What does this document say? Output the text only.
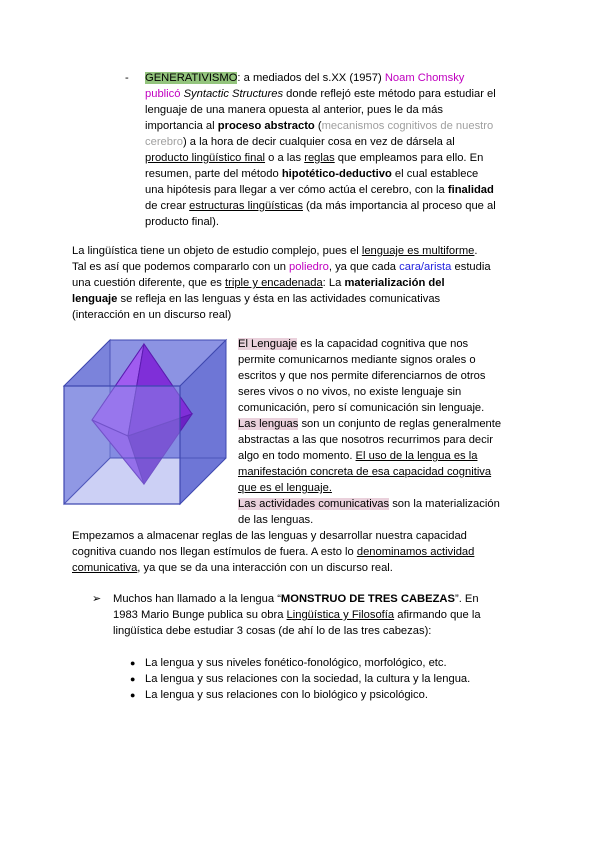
- GENERATIVISMO: a mediados del s.XX (1957) Noam Chomsky
publicó Syntactic Structures donde reflejó este método para estudiar el
lenguaje de una manera opuesta al anterior, pues le da más
importancia al proceso abstracto (mecanismos cognitivos de nuestro
cerebro) a la hora de decir cualquier cosa en vez de dársela al
producto lingüístico final o a las reglas que empleamos para ello. En
resumen, parte del método hipotético-deductivo el cual establece
una hipótesis para llegar a ver cómo actúa el cerebro, con la finalidad
de crear estructuras lingüísticas (da más importancia al proceso que al
producto final).
La lingüística tiene un objeto de estudio complejo, pues el lenguaje es multiforme.
Tal es así que podemos compararlo con un poliedro, ya que cada cara/arista estudia
una cuestión diferente, que es triple y encadenada: La materialización del
lenguaje se refleja en las lenguas y ésta en las actividades comunicativas
(interacción en un discurso real)
El Lenguaje es la capacidad cognitiva que nos
permite comunicarnos mediante signos orales o
escritos y que nos permite diferenciarnos de otros
seres vivos o no vivos, no existe lenguaje sin
comunicación, pero sí comunicación sin lenguaje.
Las lenguas son un conjunto de reglas generalmente
abstractas a las que nosotros recurrimos para decir
algo en todo momento. El uso de la lengua es la
manifestación concreta de esa capacidad cognitiva
que es el lenguaje.
Las actividades comunicativas son la materialización
de las lenguas.
Empezamos a almacenar reglas de las lenguas y desarrollar nuestra capacidad
cognitiva cuando nos llegan estímulos de fuera. A esto lo denominamos actividad
comunicativa, ya que se da una interacción con un discurso real.
➢ Muchos han llamado a la lengua “MONSTRUO DE TRES CABEZAS”. En
1983 Mario Bunge publica su obra Lingüística y Filosofía afirmando que la
lingüística debe estudiar 3 cosas (de ahí lo de las tres cabezas):
● La lengua y sus niveles fonético-fonológico, morfológico, etc.
● La lengua y sus relaciones con la sociedad, la cultura y la lengua.
● La lengua y sus relaciones con lo biológico y psicológico.
